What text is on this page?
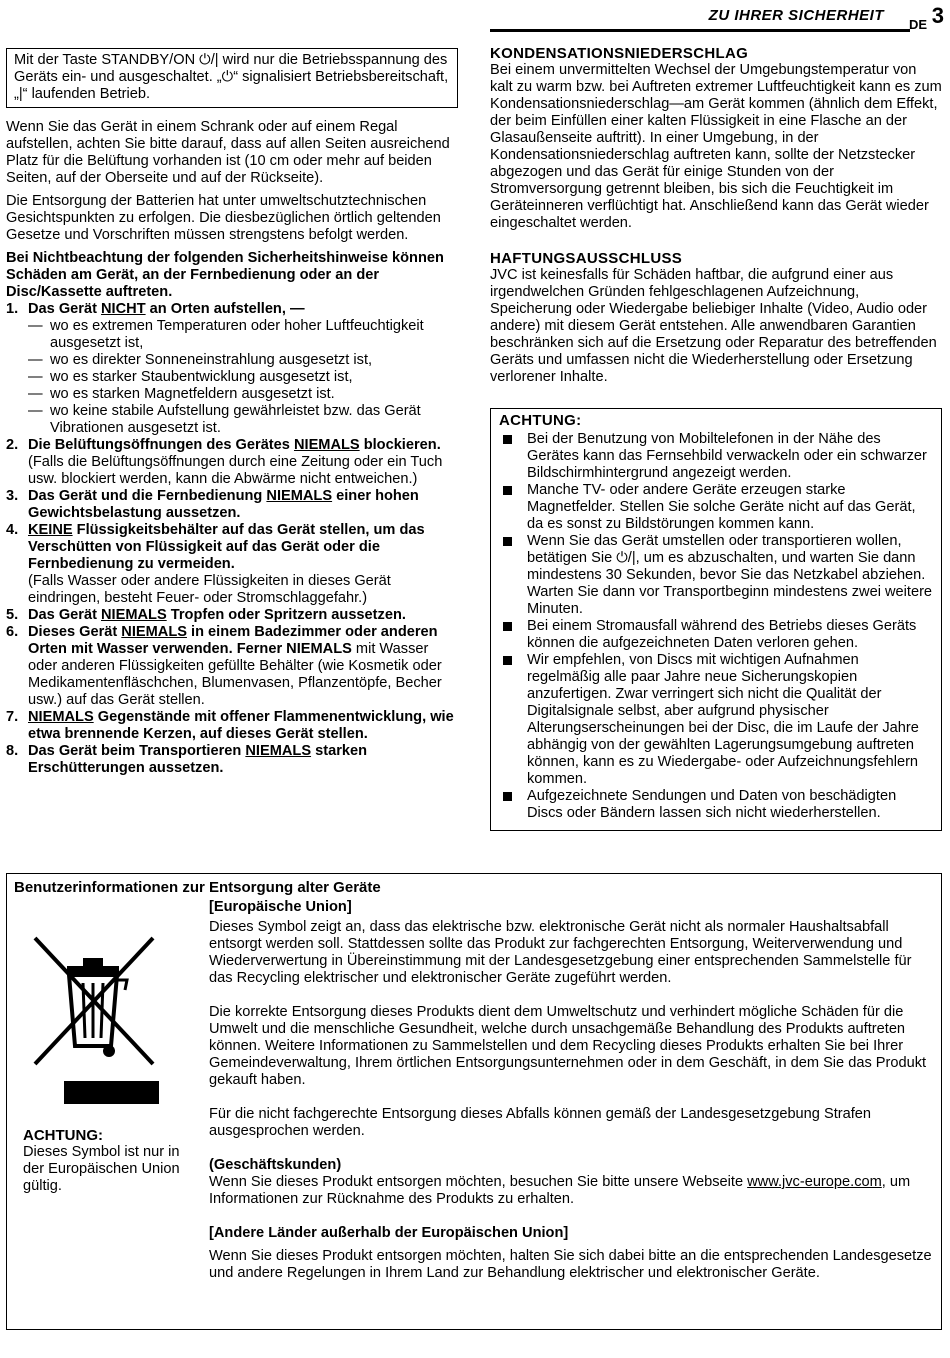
ZU IHRER SICHERHEIT
DE 3
Mit der Taste STANDBY/ON ⏻/| wird nur die Betriebsspannung des Geräts ein- und ausgeschaltet. „⏻“ signalisiert Betriebsbereitschaft, „|“ laufenden Betrieb.

Wenn Sie das Gerät in einem Schrank oder auf einem Regal aufstellen, achten Sie bitte darauf, dass auf allen Seiten ausreichend Platz für die Belüftung vorhanden ist (10 cm oder mehr auf beiden Seiten, auf der Oberseite und auf der Rückseite).

Die Entsorgung der Batterien hat unter umweltschutztechnischen Gesichtspunkten zu erfolgen. Die diesbezüglichen örtlich geltenden Gesetze und Vorschriften müssen strengstens befolgt werden.

Bei Nichtbeachtung der folgenden Sicherheitshinweise können Schäden am Gerät, an der Fernbedienung oder an der Disc/Kassette auftreten.

1. Das Gerät NICHT an Orten aufstellen, —
— wo es extremen Temperaturen oder hoher Luftfeuchtigkeit ausgesetzt ist,
— wo es direkter Sonneneinstrahlung ausgesetzt ist,
— wo es starker Staubentwicklung ausgesetzt ist,
— wo es starken Magnetfeldern ausgesetzt ist.
— wo keine stabile Aufstellung gewährleistet bzw. das Gerät Vibrationen ausgesetzt ist.
2. Die Belüftungsöffnungen des Gerätes NIEMALS blockieren.
(Falls die Belüftungsöffnungen durch eine Zeitung oder ein Tuch usw. blockiert werden, kann die Abwärme nicht entweichen.)
3. Das Gerät und die Fernbedienung NIEMALS einer hohen Gewichtsbelastung aussetzen.
4. KEINE Flüssigkeitsbehälter auf das Gerät stellen, um das Verschütten von Flüssigkeit auf das Gerät oder die Fernbedienung zu vermeiden.
(Falls Wasser oder andere Flüssigkeiten in dieses Gerät eindringen, besteht Feuer- oder Stromschlaggefahr.)
5. Das Gerät NIEMALS Tropfen oder Spritzern aussetzen.
6. Dieses Gerät NIEMALS in einem Badezimmer oder anderen Orten mit Wasser verwenden. Ferner NIEMALS mit Wasser oder anderen Flüssigkeiten gefüllte Behälter (wie Kosmetik oder Medikamentenfläschchen, Blumenvasen, Pflanzentöpfe, Becher usw.) auf das Gerät stellen.
7. NIEMALS Gegenstände mit offener Flammenentwicklung, wie etwa brennende Kerzen, auf dieses Gerät stellen.
8. Das Gerät beim Transportieren NIEMALS starken Erschütterungen aussetzen.

KONDENSATIONSNIEDERSCHLAG

Bei einem unvermittelten Wechsel der Umgebungstemperatur von kalt zu warm bzw. bei Auftreten extremer Luftfeuchtigkeit kann es zum Kondensationsniederschlag—am Gerät kommen (ähnlich dem Effekt, der beim Einfüllen einer kalten Flüssigkeit in eine Flasche an der Glasaußenseite auftritt). In einer Umgebung, in der Kondensationsniederschlag auftreten kann, sollte der Netzstecker abgezogen und das Gerät für einige Stunden von der Stromversorgung getrennt bleiben, bis sich die Feuchtigkeit im Geräteinneren verflüchtigt hat. Anschließend kann das Gerät wieder eingeschaltet werden.

HAFTUNGSAUSSCHLUSS

JVC ist keinesfalls für Schäden haftbar, die aufgrund einer aus irgendwelchen Gründen fehlgeschlagenen Aufzeichnung, Speicherung oder Wiedergabe beliebiger Inhalte (Video, Audio oder andere) mit diesem Gerät entstehen. Alle anwendbaren Garantien beschränken sich auf die Ersetzung oder Reparatur des betreffenden Geräts und umfassen nicht die Wiederherstellung oder Ersetzung verlorener Inhalte.

ACHTUNG:

Bei der Benutzung von Mobiltelefonen in der Nähe des Gerätes kann das Fernsehbild verwackeln oder ein schwarzer Bildschirmhintergrund angezeigt werden.
Manche TV- oder andere Geräte erzeugen starke Magnetfelder. Stellen Sie solche Geräte nicht auf das Gerät, da es sonst zu Bildstörungen kommen kann.
Wenn Sie das Gerät umstellen oder transportieren wollen, betätigen Sie ⏻/|, um es abzuschalten, und warten Sie dann mindestens 30 Sekunden, bevor Sie das Netzkabel abziehen. Warten Sie dann vor Transportbeginn mindestens zwei weitere Minuten.
Bei einem Stromausfall während des Betriebs dieses Geräts können die aufgezeichneten Daten verloren gehen.
Wir empfehlen, von Discs mit wichtigen Aufnahmen regelmäßig alle paar Jahre neue Sicherungskopien anzufertigen. Zwar verringert sich nicht die Qualität der Digitalsignale selbst, aber aufgrund physischer Alterungserscheinungen bei der Disc, die im Laufe der Jahre abhängig von der gewählten Lagerungsumgebung auftreten können, kann es zu Wiedergabe- oder Aufzeichnungsfehlern kommen.
Aufgezeichnete Sendungen und Daten von beschädigten Discs oder Bändern lassen sich nicht wiederherstellen.
Benutzerinformationen zur Entsorgung alter Geräte
ACHTUNG:
Dieses Symbol ist nur in der Europäischen Union gültig.
[Europäische Union]
Dieses Symbol zeigt an, dass das elektrische bzw. elektronische Gerät nicht als normaler Haushaltsabfall entsorgt werden soll. Stattdessen sollte das Produkt zur fachgerechten Entsorgung, Weiterverwendung und Wiederverwertung in Übereinstimmung mit der Landesgesetzgebung einer entsprechenden Sammelstelle für das Recycling elektrischer und elektronischer Geräte zugeführt werden.
Die korrekte Entsorgung dieses Produkts dient dem Umweltschutz und verhindert mögliche Schäden für die Umwelt und die menschliche Gesundheit, welche durch unsachgemäße Behandlung des Produkts auftreten können. Weitere Informationen zu Sammelstellen und dem Recycling dieses Produkts erhalten Sie bei Ihrer Gemeindeverwaltung, Ihrem örtlichen Entsorgungsunternehmen oder in dem Geschäft, in dem Sie das Produkt gekauft haben.
Für die nicht fachgerechte Entsorgung dieses Abfalls können gemäß der Landesgesetzgebung Strafen ausgesprochen werden.
(Geschäftskunden)
Wenn Sie dieses Produkt entsorgen möchten, besuchen Sie bitte unsere Webseite www.jvc-europe.com, um Informationen zur Rücknahme des Produkts zu erhalten.
[Andere Länder außerhalb der Europäischen Union]
Wenn Sie dieses Produkt entsorgen möchten, halten Sie sich dabei bitte an die entsprechenden Landesgesetze und andere Regelungen in Ihrem Land zur Behandlung elektrischer und elektronischer Geräte.
